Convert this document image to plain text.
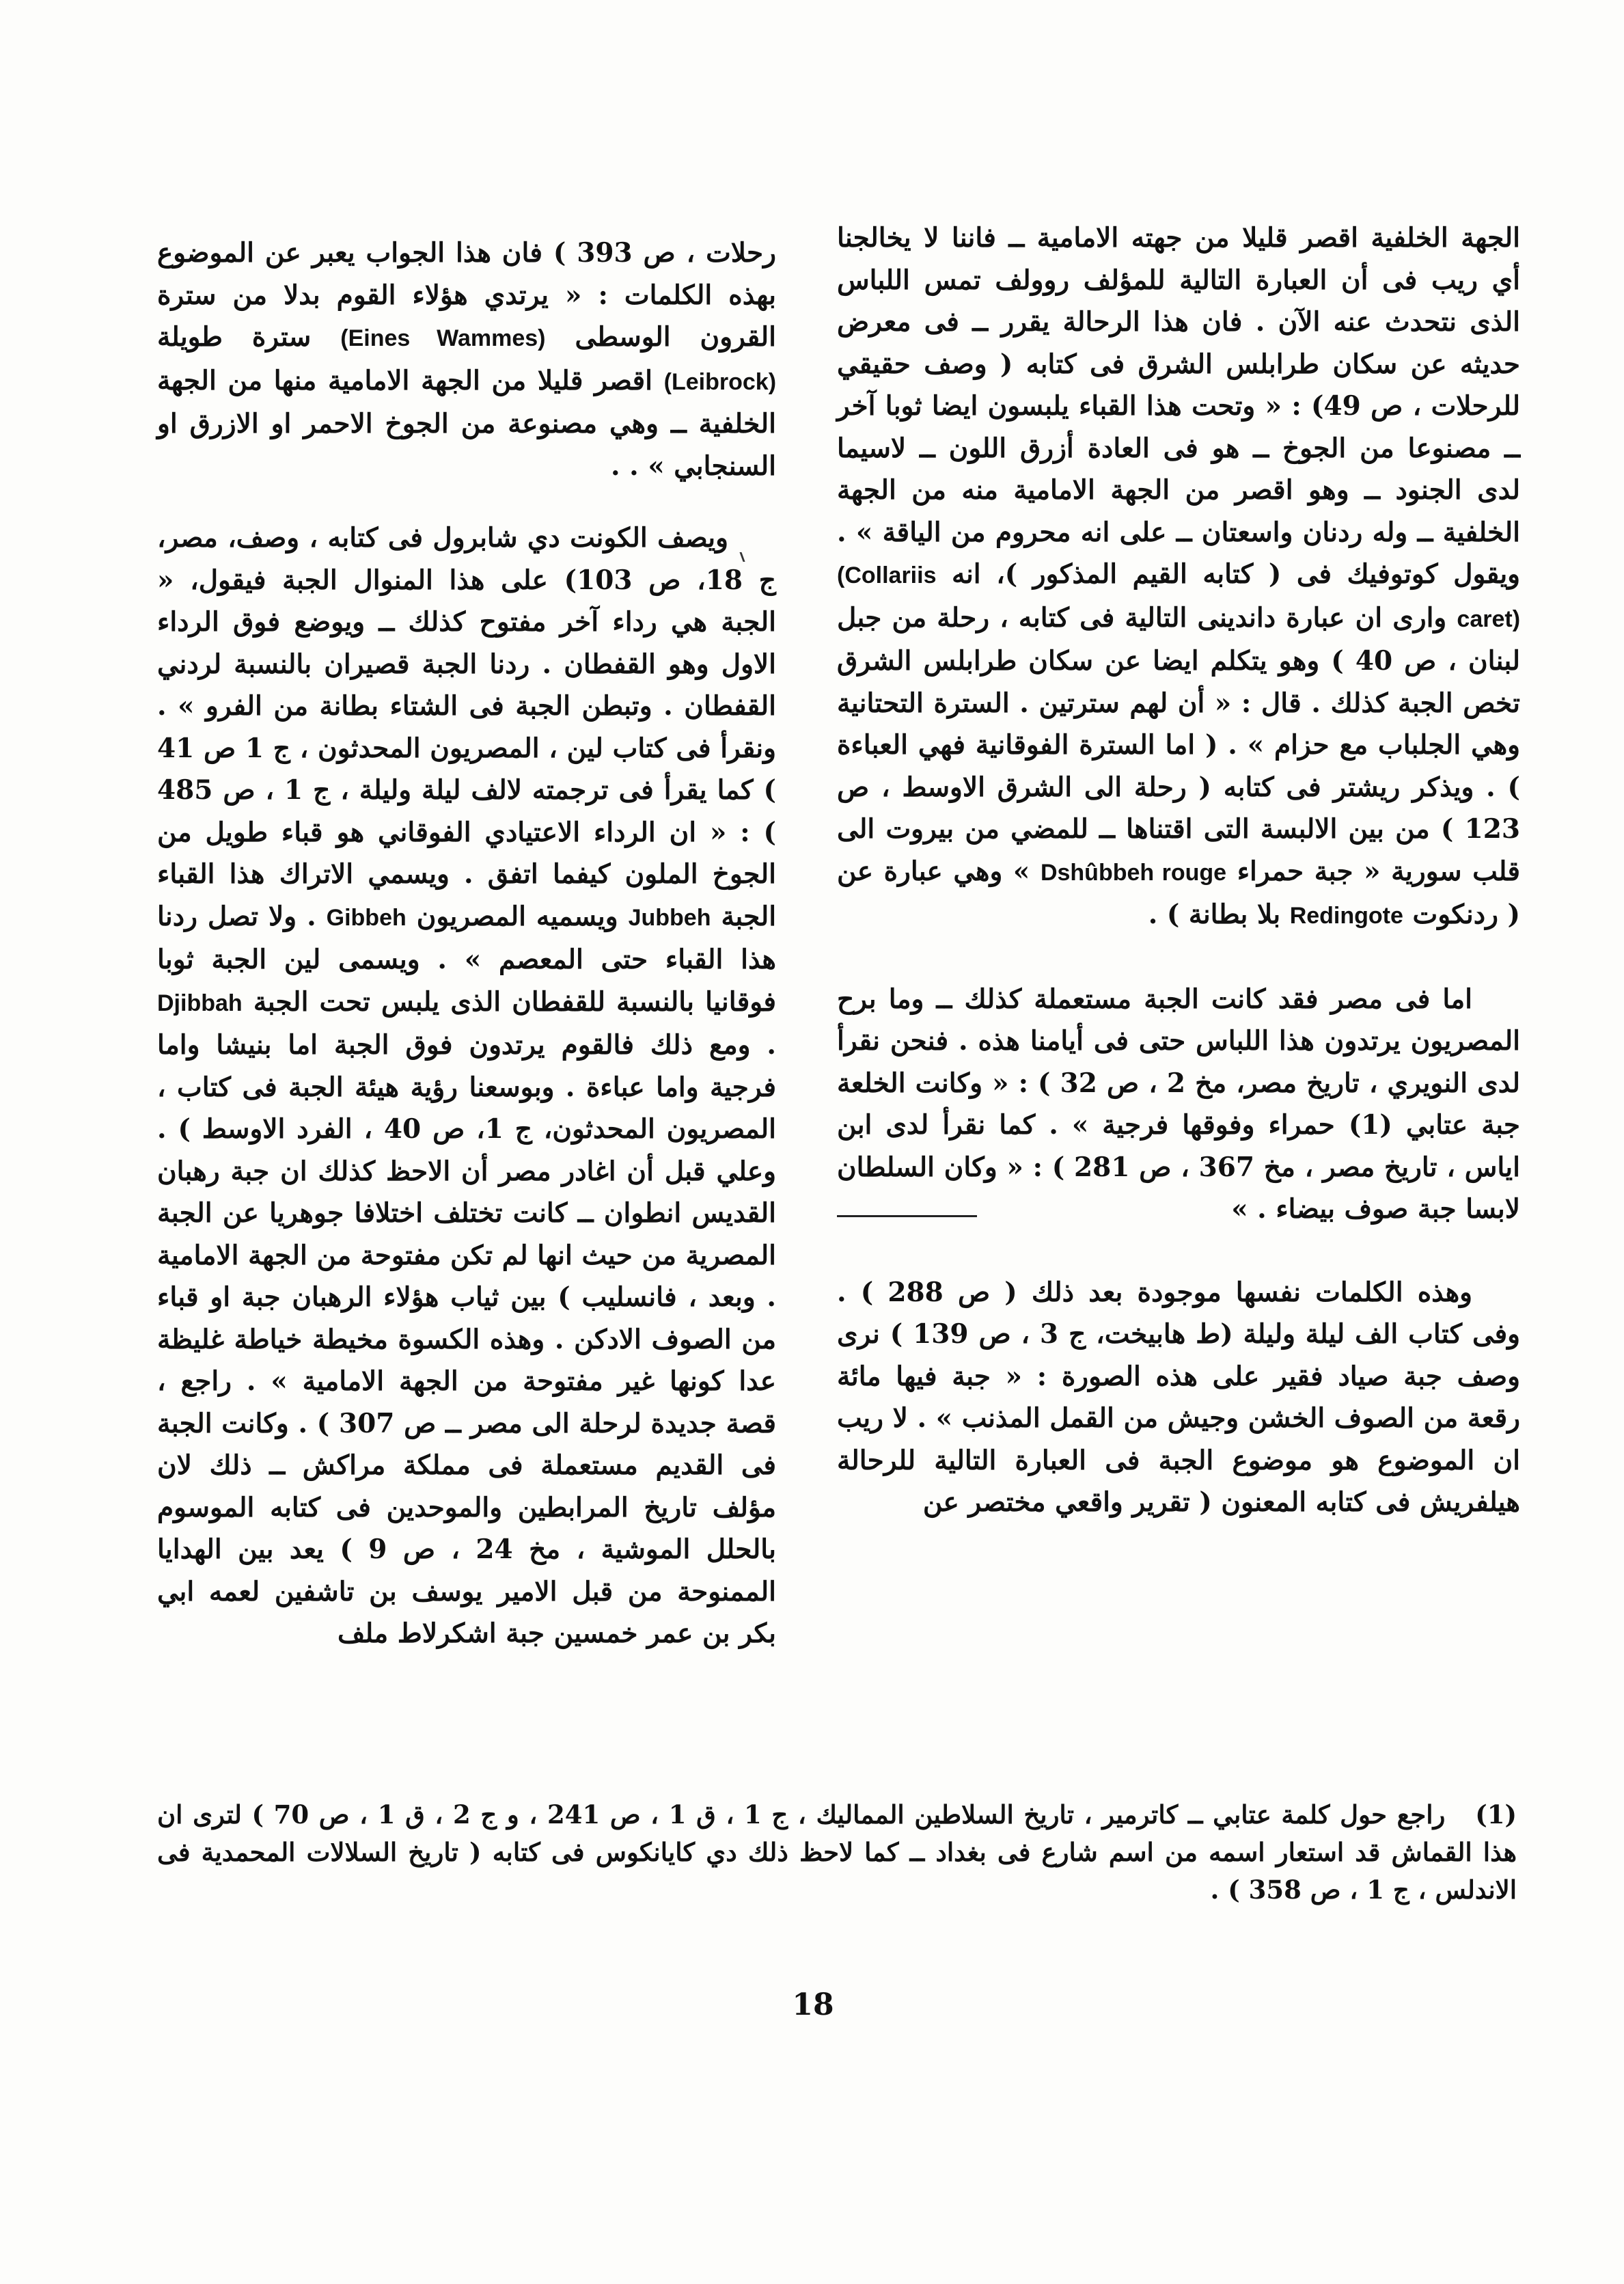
الجهة الخلفية اقصر قليلا من جهته الامامية ــ فاننا لا يخالجنا أي ريب فى أن العبارة التالية للمؤلف روولف تمس اللباس الذى نتحدث عنه الآن . فان هذا الرحالة يقرر ــ فى معرض حديثه عن سكان طرابلس الشرق فى كتابه ( وصف حقيقي للرحلات ، ص 49) : « وتحت هذا القباء يلبسون ايضا ثوبا آخر ــ مصنوعا من الجوخ ــ هو فى العادة أزرق اللون ــ لاسيما لدى الجنود ــ وهو اقصر من الجهة الامامية منه من الجهة الخلفية ــ وله ردنان واسعتان ــ على انه محروم من الياقة » . ويقول كوتوفيك فى ( كتابه القيم المذكور )، انه (Collariis caret) وارى ان عبارة داندينى التالية فى كتابه ، رحلة من جبل لبنان ، ص 40 ) وهو يتكلم ايضا عن سكان طرابلس الشرق تخص الجبة كذلك . قال : « أن لهم سترتين . السترة التحتانية وهي الجلباب مع حزام » . ( اما السترة الفوقانية فهي العباءة ) . ويذكر ريشتر فى كتابه ( رحلة الى الشرق الاوسط ، ص 123 ) من بين الالبسة التى اقتناها ــ للمضي من بيروت الى قلب سورية « جبة حمراء Dshûbbeh rouge » وهي عبارة عن ( ردنكوت Redingote بلا بطانة ) .

اما فى مصر فقد كانت الجبة مستعملة كذلك ــ وما برح المصريون يرتدون هذا اللباس حتى فى أيامنا هذه . فنحن نقرأ لدى النويري ، تاريخ مصر، مخ 2 ، ص 32 ) : « وكانت الخلعة جبة عتابي (1) حمراء وفوقها فرجية » . كما نقرأ لدى ابن اياس ، تاريخ مصر ، مخ 367 ، ص 281 ) : « وكان السلطان لابسا جبة صوف بيضاء . »

وهذه الكلمات نفسها موجودة بعد ذلك ( ص 288 ) . وفى كتاب الف ليلة وليلة (ط هابيخت، ج 3 ، ص 139 ) نرى وصف جبة صياد فقير على هذه الصورة : « جبة فيها مائة رقعة من الصوف الخشن وجيش من القمل المذنب » . لا ريب ان الموضوع هو موضوع الجبة فى العبارة التالية للرحالة هيلفريش فى كتابه المعنون ( تقرير واقعي مختصر عن

رحلات ، ص 393 ) فان هذا الجواب يعبر عن الموضوع بهذه الكلمات : « يرتدي هؤلاء القوم بدلا من سترة القرون الوسطى (Eines Wammes) سترة طويلة (Leibrock) اقصر قليلا من الجهة الامامية منها من الجهة الخلفية ــ وهي مصنوعة من الجوخ الاحمر او الازرق او السنجابي » . .

ويصف الكونت دي شابرول فى كتابه ، وصف، مصر، ج 18، ص 103) على هذا المنوال الجبة فيقول، « الجبة هي رداء آخر مفتوح كذلك ــ ويوضع فوق الرداء الاول وهو القفطان . ردنا الجبة قصيران بالنسبة لردني القفطان . وتبطن الجبة فى الشتاء بطانة من الفرو » . ونقرأ فى كتاب لين ، المصريون المحدثون ، ج 1 ص 41 ) كما يقرأ فى ترجمته لالف ليلة وليلة ، ج 1 ، ص 485 ) : « ان الرداء الاعتيادي الفوقاني هو قباء طويل من الجوخ الملون كيفما اتفق . ويسمي الاتراك هذا القباء الجبة Jubbeh ويسميه المصريون Gibbeh . ولا تصل ردنا هذا القباء حتى المعصم » . ويسمى لين الجبة ثوبا فوقانيا بالنسبة للقفطان الذى يلبس تحت الجبة Djibbah . ومع ذلك فالقوم يرتدون فوق الجبة اما بنيشا واما فرجية واما عباءة . وبوسعنا رؤية هيئة الجبة فى كتاب ، المصريون المحدثون، ج 1، ص 40 ، الفرد الاوسط ) . وعلي قبل أن اغادر مصر أن الاحظ كذلك ان جبة رهبان القديس انطوان ــ كانت تختلف اختلافا جوهريا عن الجبة المصرية من حيث انها لم تكن مفتوحة من الجهة الامامية . وبعد ، فانسليب ) بين ثياب هؤلاء الرهبان جبة او قباء من الصوف الادكن . وهذه الكسوة مخيطة خياطة غليظة عدا كونها غير مفتوحة من الجهة الامامية » . راجع ، قصة جديدة لرحلة الى مصر ــ ص 307 ) . وكانت الجبة فى القديم مستعملة فى مملكة مراكش ــ ذلك لان مؤلف تاريخ المرابطين والموحدين فى كتابه الموسوم بالحلل الموشية ، مخ 24 ، ص 9 ) يعد بين الهدايا الممنوحة من قبل الامير يوسف بن تاشفين لعمه ابي بكر بن عمر خمسين جبة اشكرلاط ملف

(1) راجع حول كلمة عتابي ــ كاترمير ، تاريخ السلاطين المماليك ، ج 1 ، ق 1 ، ص 241 ، و ج 2 ، ق 1 ، ص 70 ) لترى ان هذا القماش قد استعار اسمه من اسم شارع فى بغداد ــ كما لاحظ ذلك دي كايانكوس فى كتابه ( تاريخ السلالات المحمدية فى الاندلس ، ج 1 ، ص 358 ) .

18
